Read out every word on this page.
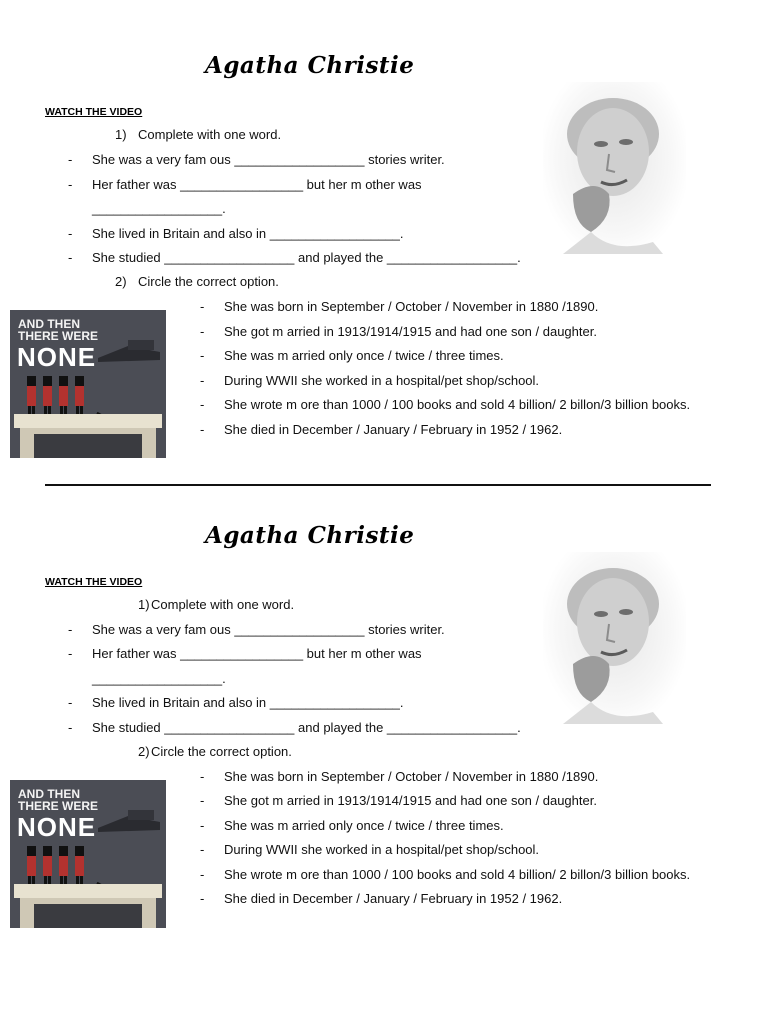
Agatha Christie
WATCH THE VIDEO
1) Complete with one word.
- She was a very fam ous __________________ stories writer.
- Her father was _________________ but her m other was
__________________.
- She lived in Britain and also in __________________.
- She studied __________________ and played the __________________.
2) Circle the correct option.
- She was born in September / October / November in 1880 /1890.
- She got m arried in 1913/1914/1915 and had one son / daughter.
- She was m arried only once / twice / three times.
- During WWII she worked in a hospital/pet shop/school.
- She wrote m ore than 1000 / 100 books and sold 4 billion/ 2 billon/3 billion books.
- She died in December / January / February in 1952 / 1962.
AND THEN
THERE WERE
NONE
Agatha Christie
WATCH THE VIDEO
1) Complete with one word.
- She was a very fam ous __________________ stories writer.
- Her father was _________________ but her m other was
__________________.
- She lived in Britain and also in __________________.
- She studied __________________ and played the __________________.
2) Circle the correct option.
- She was born in September / October / November in 1880 /1890.
- She got m arried in 1913/1914/1915 and had one son / daughter.
- She was m arried only once / twice / three times.
- During WWII she worked in a hospital/pet shop/school.
- She wrote m ore than 1000 / 100 books and sold 4 billion/ 2 billon/3 billion books.
- She died in December / January / February in 1952 / 1962.
AND THEN
THERE WERE
NONE
